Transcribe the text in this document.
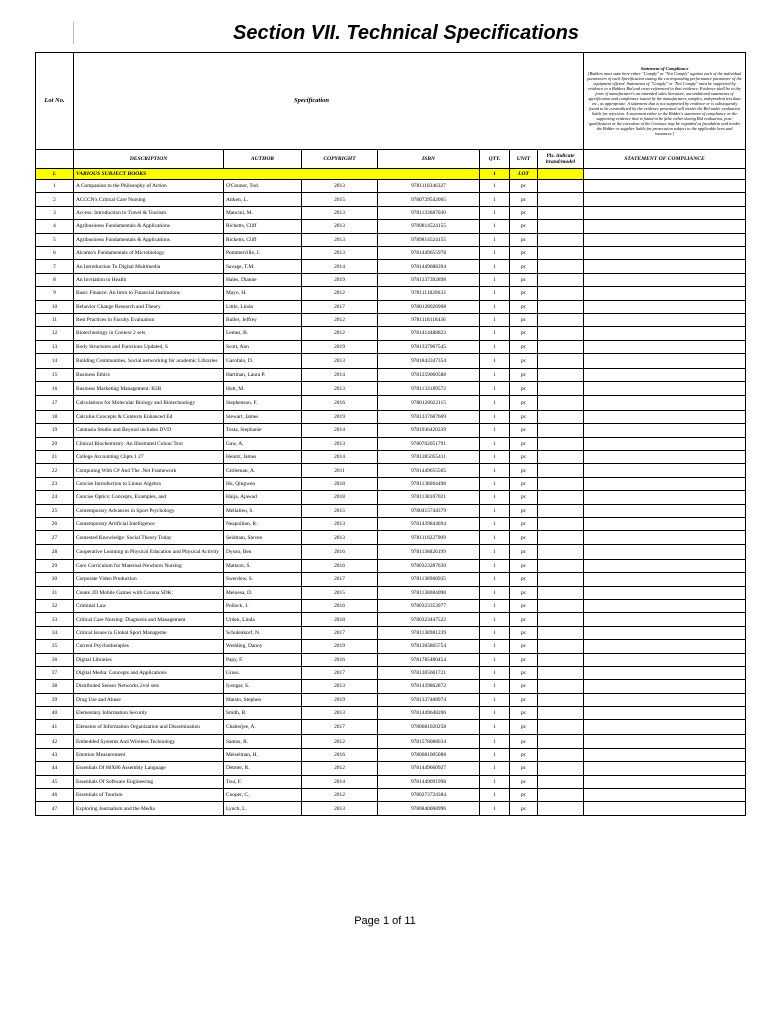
Section VII. Technical Specifications
Lot No.	Specification							Statement of Compliance
[Bidders must state here either "Comply" or "Not Comply" against each of the individual parameters of each Specification stating the corresponding performance parameter of the equipment offered. Statements of "Comply" or "Not Comply" must be supported by evidence in a Bidders Bid and cross-referenced to that evidence. Evidence shall be in the form of manufacturer's un-amended sales literature, unconditional statements of specification and compliance issued by the manufacturer, samples, independent test data etc., as appropriate. A statement that is not supported by evidence or is subsequently found to be contradicted by the evidence presented will render the Bid under evaluation liable for rejection. A statement either in the Bidder's statement of compliance or the supporting evidence that is found to be false either during Bid evaluation, post-qualification or the execution of the Contract may be regarded as fraudulent and render the Bidder or supplier liable for prosecution subject to the applicable laws and issuances.]
	DESCRIPTION	AUTHOR	COPYRIGHT	ISBN	QTY.	UNIT	Pls. indicate brand/model	STATEMENT OF COMPLIANCE
1.	VARIOUS SUBJECT BOOKS				1	LOT		
1	A Companion to the Philosophy of Action	O'Connor, Tod.	2013	9781118346327	1	pc		
2	ACCCN's Critical Care Nursing	Aitken, L.	2015	9780729542005	1	pc		
3	Access: Introduction to Travel & Tourism	Mancini, M.	2013	9781133687030	1	pc		
4	Agribusiness Fundamentals & Applications	Ricketts, Cliff	2013	9789814524155	1	pc		
5	Agribusiness Fundamentals & Applications	Ricketts, Cliff	2013	9789814524155	1	pc		
6	Alcamo's Fundamentals of Microbiology	Pommerville, J.	2013	9781449655978	1	pc		
7	An Introduction To Digital Multimedia	Savage, T.M.	2014	9781449688394	1	pc		
8	An Invitation to Health	Hales, Dianne	2019	9781337392898	1	pc		
9	Basic Finance: An Intro to Financial Institutions	Mayo, H.	2012	9781111820633	1	pc		
10	Behavior Change Research and Theory	Little, Linda	2017	9780128026908	1	pc		
11	Best Practices in Faculty Evaluation	Buller, Jeffrey	2012	9781118118436	1	pc		
12	Biotechnology in Context 2 sets	Lemes, B.	2012	9781414488823	1	pc		
13	Body Structures and Functions Updated, S	Scott, Ann	2019	9781337907545	1	pc		
14	Building Communities, Social networking for academic Libraries	Garofalo, D.	2013	9781843347354	1	pc		
15	Business Ethics	Hartman, Laura P.	2014	9781259060588	1	pc		
16	Business Marketing Management: B2B	Hutt, M.	2013	9781133189572	1	pc		
17	Calculations for Molecular Biology and Biotechnology	Stephenson, F.	2016	9780128022115	1	pc		
18	Calculus Concepts & Contexts Enhanced Ed	Stewart, James	2019	9781337687669	1	pc		
19	Camtasia Studio and Beyond includes DVD	Tosta, Stephanie	2014	9781936420339	1	pc		
20	Clinical Biochemistry: An Illustrated Colour Text	Gaw, A.	2013	9780702051791	1	pc		
21	College Accounting Chpts 1 27	Heintz, James	2014	9781285055411	1	pc		
22	Computing With C# And The .Net Framework	Gittleman, A.	2011	9781449655505	1	pc		
23	Concise Introduction to Linear Algebra	Hu, Qingwen	2018	9781138064498	1	pc		
24	Concise Optics: Concepts, Examples, and	Haija, Ajawad	2018	9781138107021	1	pc		
25	Contemporary Advances in Sport Psychology	Mellalieu, S.	2015	9780415744379	1	pc		
26	Contemporary Artificial Intelligence	Neapolitan, R.	2013	9781439844694	1	pc		
27	Contested Knowledge: Social Theory Today	Seidman, Steven	2013	9781118227909	1	pc		
28	Cooperative Learning in Physical Education and Physical Activity	Dyson, Ben	2016	9781138826199	1	pc		
29	Core Curriculum for Maternal-Newborn Nursing	Mattson, S.	2016	9780323287630	1	pc		
30	Corporate Video Production	Swerdow, S.	2017	9781138960935	1	pc		
31	Create 2D Mobile Games with Corona SDK:	Meloesa, D.	2015	9781138084098	1	pc		
32	Criminal Law	Pollock, J.	2016	9780323353977	1	pc		
33	Critical Care Nursing: Diagnosis and Management	Urden, Linda	2018	9780323447522	1	pc		
34	Critical Issues in Global Sport Manageme	Schulenkorf, N.	2017	9781138981239	1	pc		
35	Current Psychotherapies	Wedding, Danny	2019	9781305865754	1	pc		
36	Digital Libraries	Papy, F.	2016	9781785480454	1	pc		
37	Digital Media: Concepts and Applications	Gross.	2017	9781305661721	1	pc		
38	Distributed Sensor Networks 2vol sets	Iyengar, S.	2013	9781439862872	1	pc		
39	Drug Use and Abuse	Maisto, Stephen	2019	9781337408974	1	pc		
40	Elementary Information Security	Smith, R.	2013	9781449648206	1	pc		
41	Elements of Information Organization and Dissemination	Chatterjee, A.	2017	9780081020258	1	pc		
42	Embedded Systems And Wireless Technology	Santos, R.	2012	9781578088034	1	pc		
43	Emotion Measurement	Meiselman, H.	2016	9780081005088	1	pc		
44	Essentials Of 80X86 Assembly Language	Detmer, R.	2012	9781449660927	1	pc		
45	Essentials Of Software Engineering	Tsui, F.	2014	9781449691998	1	pc		
46	Essentials of Tourism	Cooper, C.	2012	9780273724384	1	pc		
47	Exploring Journalism and the Media	Lynch, L.	2013	9780840068996	1	pc		
Page 1 of 11
